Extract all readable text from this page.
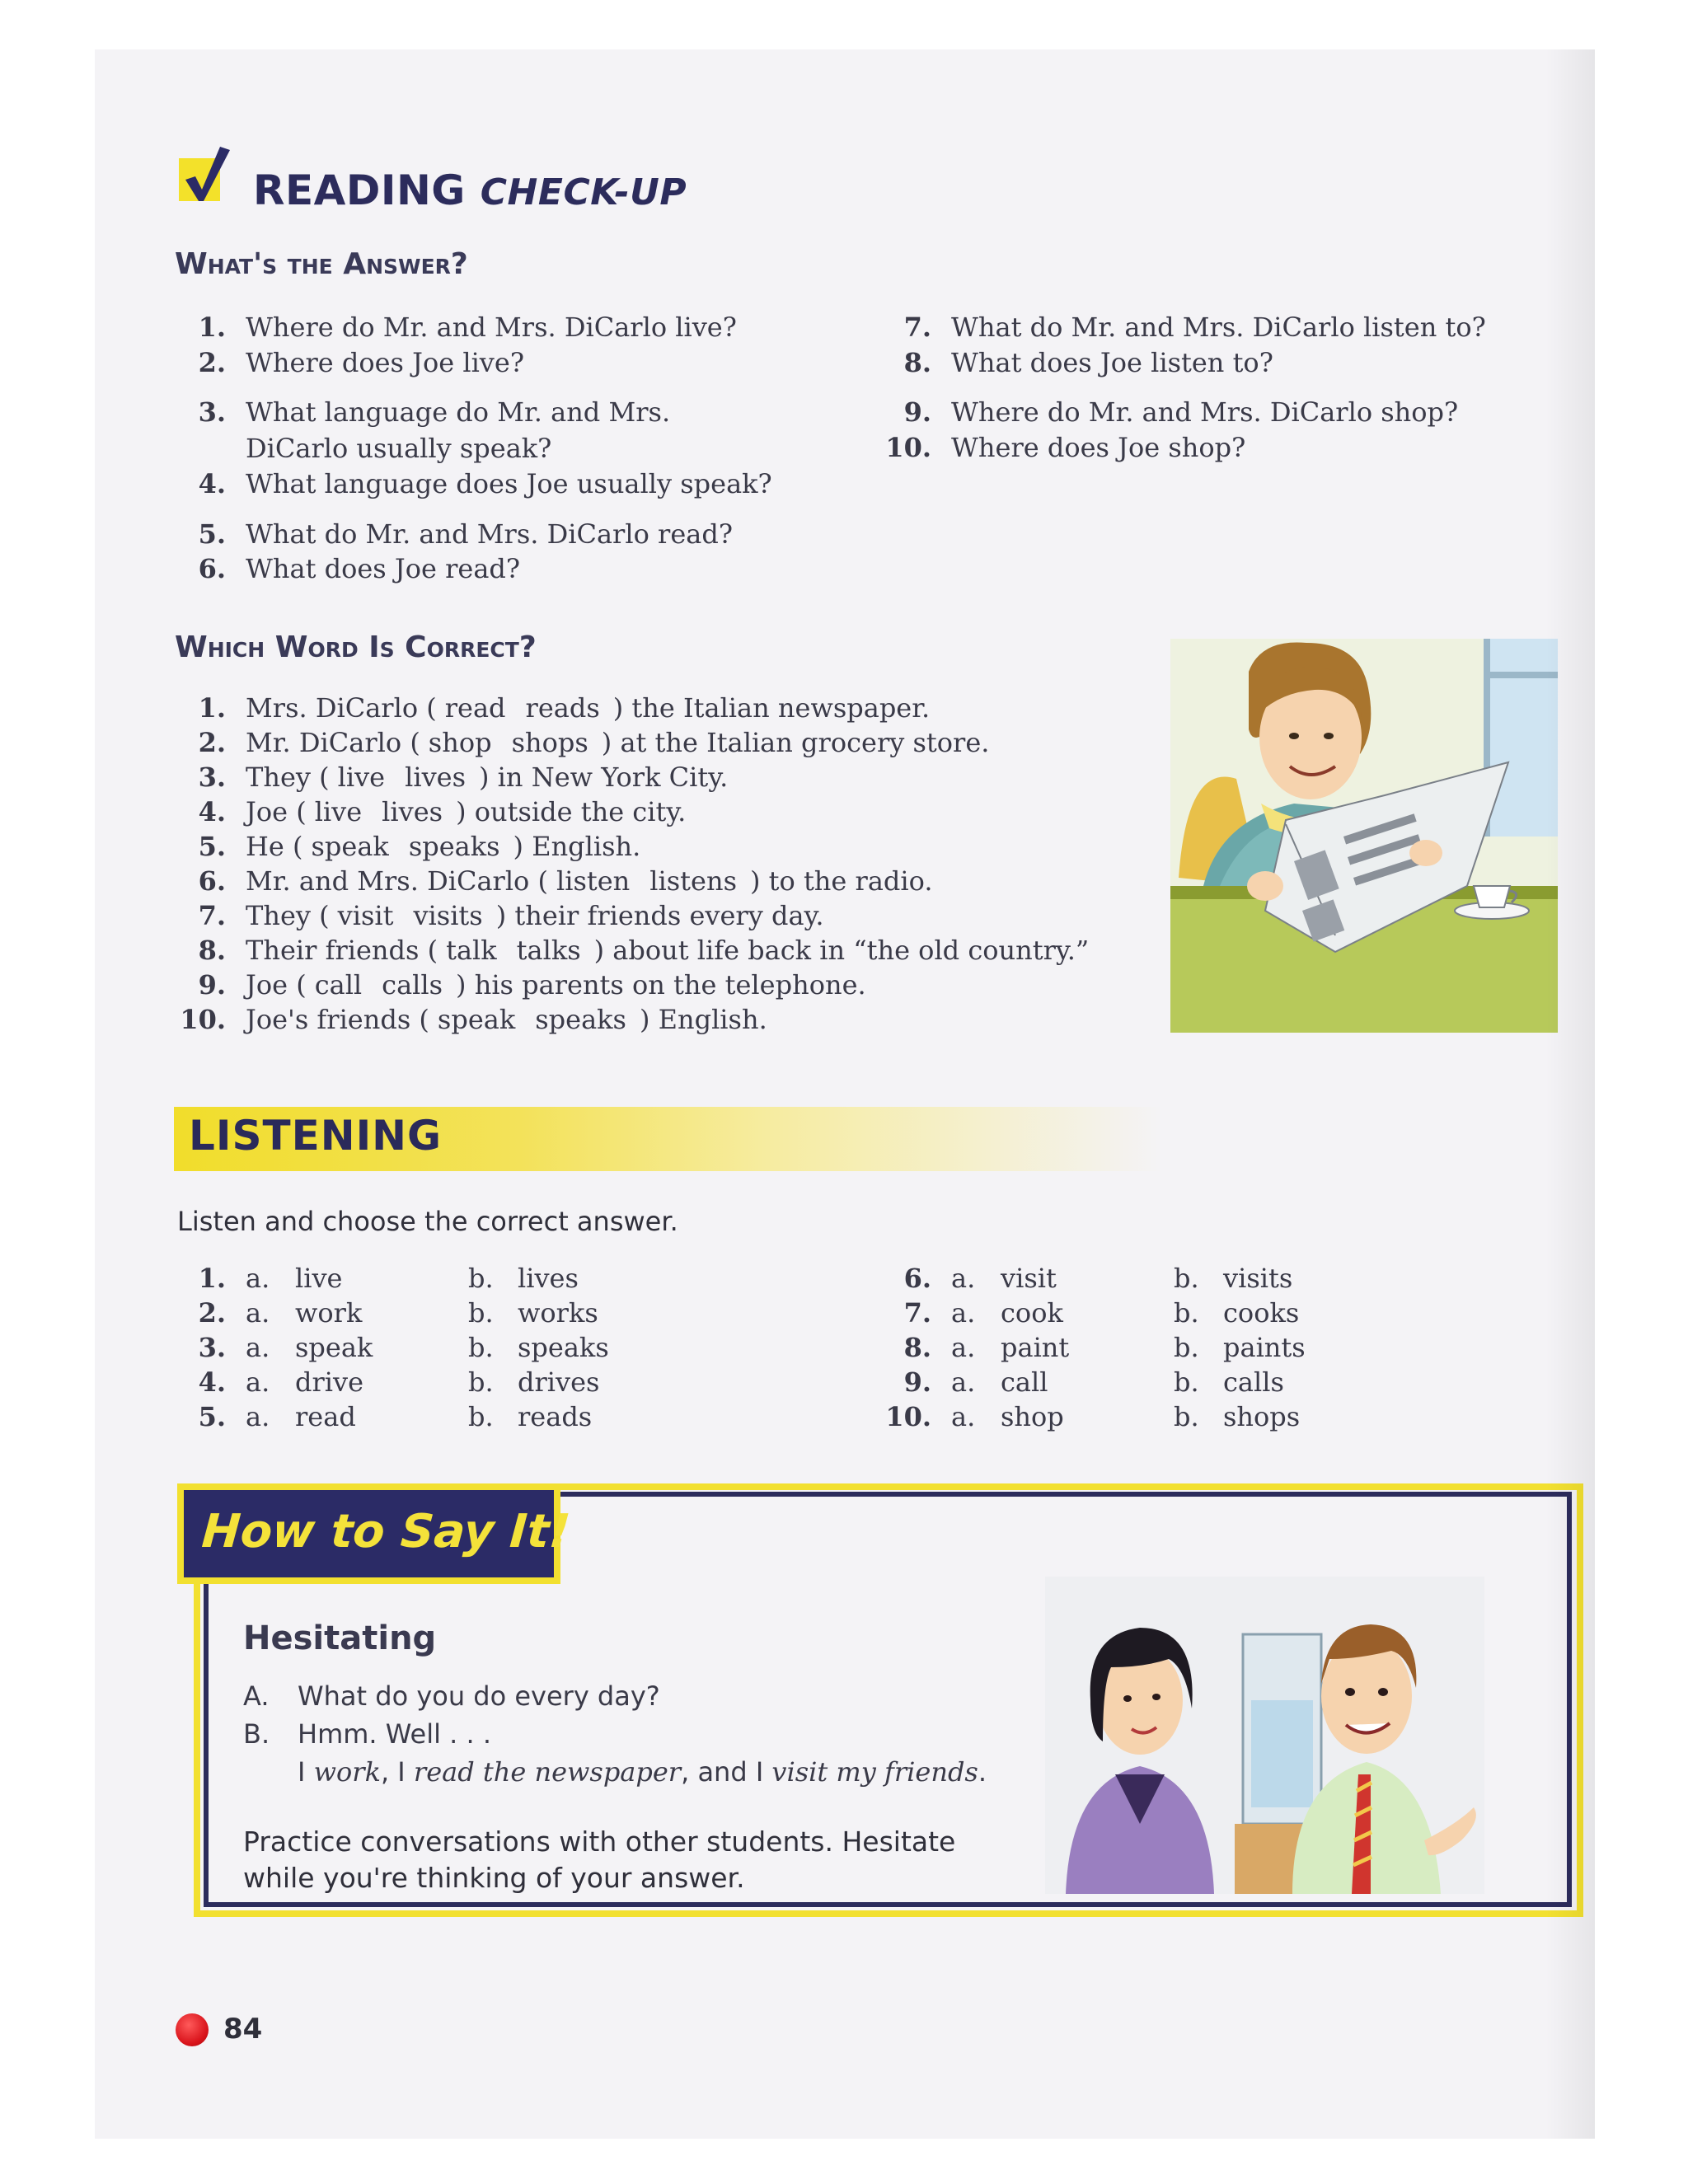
READING CHECK-UP
What's the Answer?
1. Where do Mr. and Mrs. DiCarlo live?
2. Where does Joe live?
3. What language do Mr. and Mrs. DiCarlo usually speak?
4. What language does Joe usually speak?
5. What do Mr. and Mrs. DiCarlo read?
6. What does Joe read?
7. What do Mr. and Mrs. DiCarlo listen to?
8. What does Joe listen to?
9. Where do Mr. and Mrs. DiCarlo shop?
10. Where does Joe shop?
Which Word Is Correct?
1. Mrs. DiCarlo ( read reads ) the Italian newspaper.
2. Mr. DiCarlo ( shop shops ) at the Italian grocery store.
3. They ( live lives ) in New York City.
4. Joe ( live lives ) outside the city.
5. He ( speak speaks ) English.
6. Mr. and Mrs. DiCarlo ( listen listens ) to the radio.
7. They ( visit visits ) their friends every day.
8. Their friends ( talk talks ) about life back in “the old country.”
9. Joe ( call calls ) his parents on the telephone.
10. Joe's friends ( speak speaks ) English.
LISTENING
Listen and choose the correct answer.
1. a. live	b. lives
2. a. work	b. works
3. a. speak	b. speaks
4. a. drive	b. drives
5. a. read	b. reads
6. a. visit	b. visits
7. a. cook	b. cooks
8. a. paint	b. paints
9. a. call	b. calls
10. a. shop	b. shops
How to Say It!
Hesitating
A. What do you do every day?
B. Hmm. Well . . .
I work, I read the newspaper, and I visit my friends.
Practice conversations with other students. Hesitate while you're thinking of your answer.
84
